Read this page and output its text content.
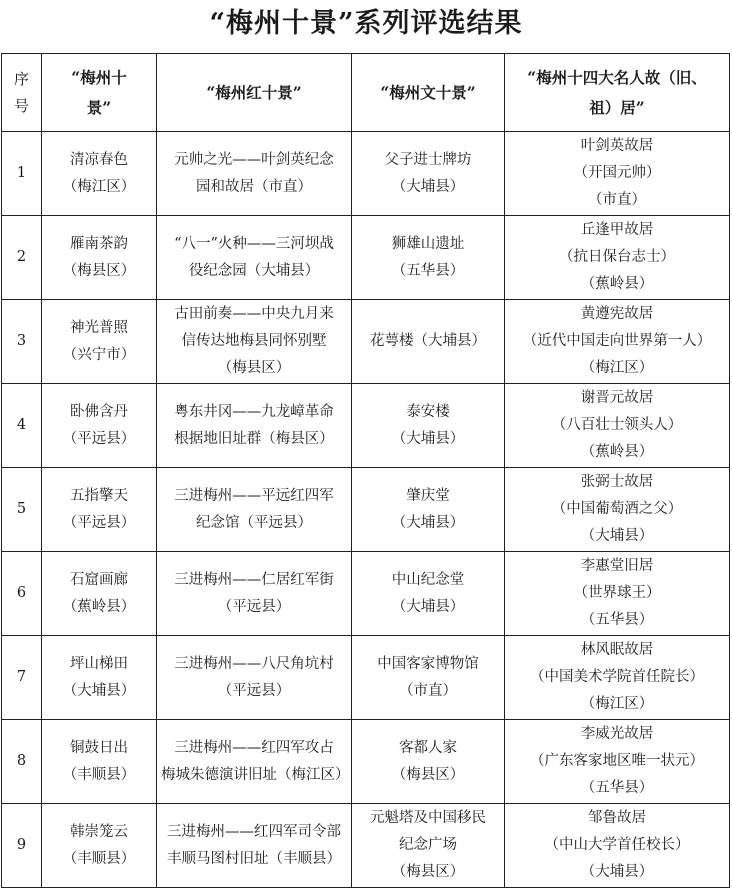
“梅州十景”系列评选结果
序
号	“梅州十
景”	“梅州红十景”	“梅州文十景”	“梅州十四大名人故（旧、
祖）居”

1	清凉春色
（梅江区）	元帅之光——叶剑英纪念
园和故居（市直）	父子进士牌坊
（大埔县）	叶剑英故居
（开国元帅）
（市直）

2	雁南茶韵
（梅县区）	“八一”火种——三河坝战
役纪念园（大埔县）	狮雄山遗址
（五华县）	丘逢甲故居
（抗日保台志士）
（蕉岭县）

3	神光普照
（兴宁市）	古田前奏——中央九月来
信传达地梅县同怀别墅
（梅县区）	花萼楼（大埔县）	黄遵宪故居
（近代中国走向世界第一人）
（梅江区）

4	卧佛含丹
（平远县）	粤东井冈——九龙嶂革命
根据地旧址群（梅县区）	泰安楼
（大埔县）	谢晋元故居
（八百壮士领头人）
（蕉岭县）

5	五指擎天
（平远县）	三进梅州——平远红四军
纪念馆（平远县）	肇庆堂
（大埔县）	张弼士故居
（中国葡萄酒之父）
（大埔县）

6	石窟画廊
（蕉岭县）	三进梅州——仁居红军街
（平远县）	中山纪念堂
（大埔县）	李惠堂旧居
（世界球王）
（五华县）

7	坪山梯田
（大埔县）	三进梅州——八尺角坑村
（平远县）	中国客家博物馆
（市直）	林风眠故居
（中国美术学院首任院长）
（梅江区）

8	铜鼓日出
（丰顺县）	三进梅州——红四军攻占
梅城朱德演讲旧址（梅江区）	客都人家
（梅县区）	李威光故居
（广东客家地区唯一状元）
（五华县）

9	韩崇笼云
（丰顺县）	三进梅州——红四军司令部
丰顺马图村旧址（丰顺县）	元魁塔及中国移民
纪念广场
（梅县区）	邹鲁故居
（中山大学首任校长）
（大埔县）
